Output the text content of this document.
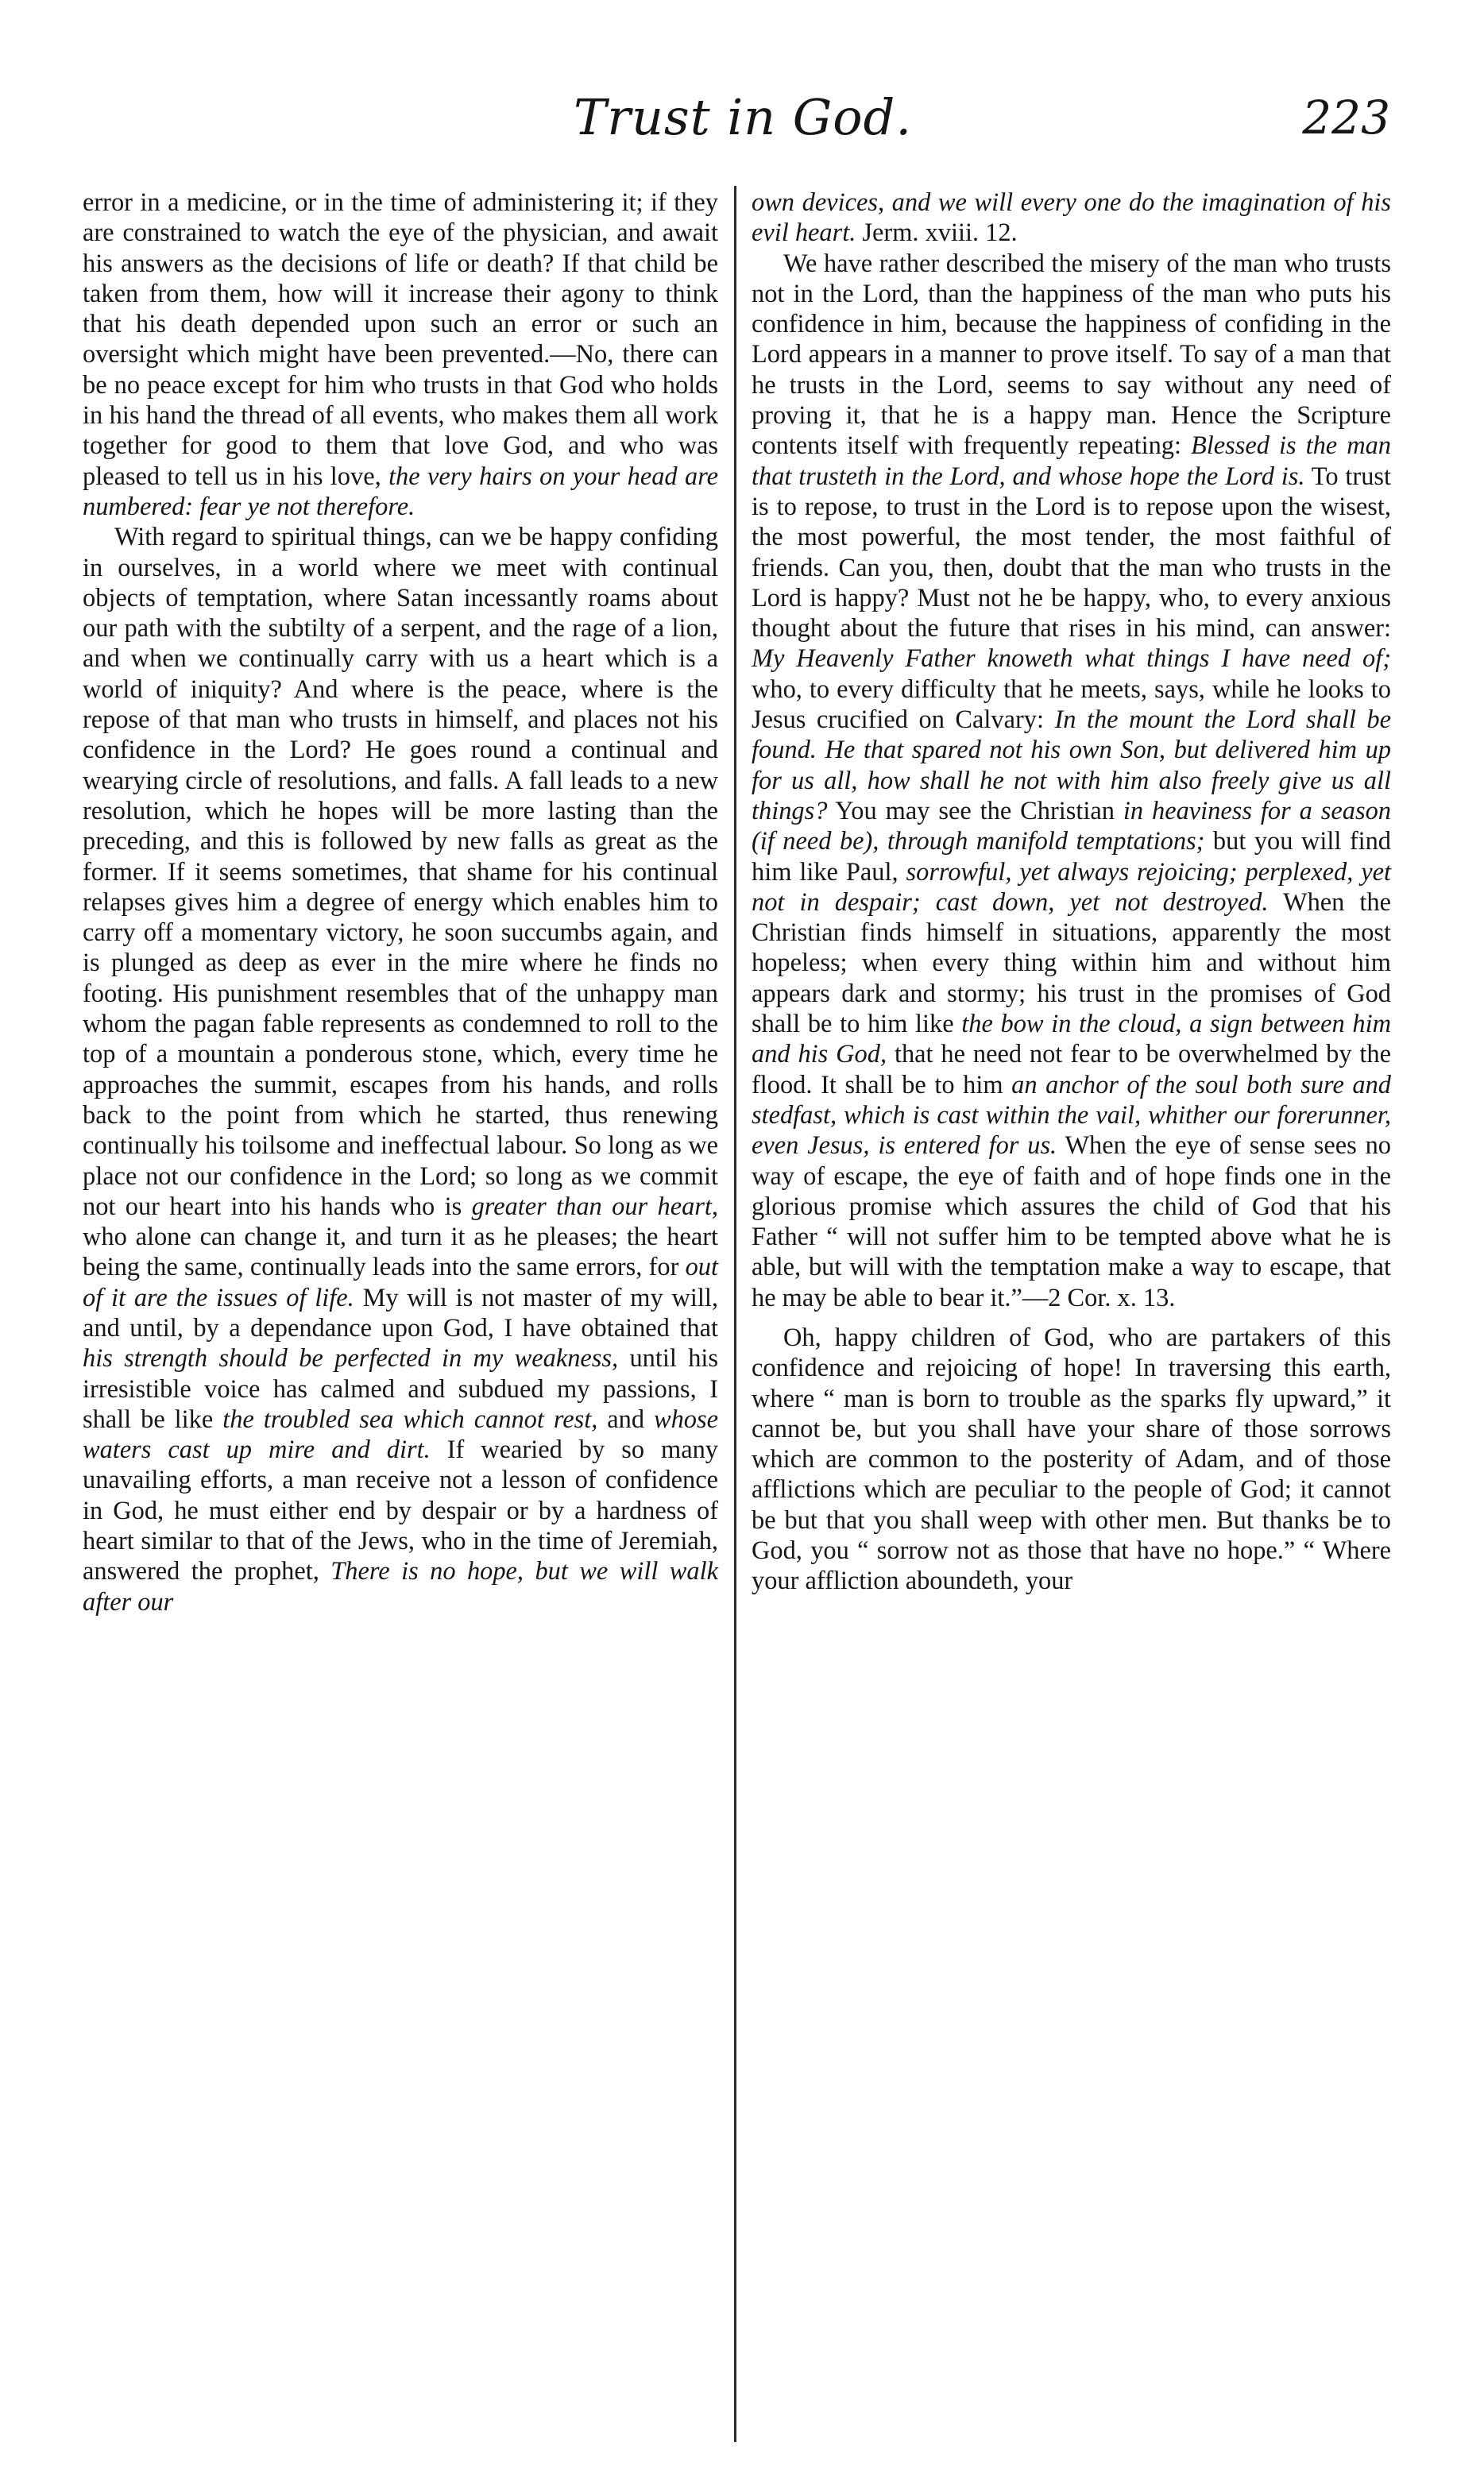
Trust in God.	223

error in a medicine, or in the time of administering it; if they are constrained to watch the eye of the physician, and await his answers as the decisions of life or death? If that child be taken from them, how will it increase their agony to think that his death depended upon such an error or such an oversight which might have been prevented.—No, there can be no peace except for him who trusts in that God who holds in his hand the thread of all events, who makes them all work together for good to them that love God, and who was pleased to tell us in his love, the very hairs on your head are numbered: fear ye not therefore.

With regard to spiritual things, can we be happy confiding in ourselves, in a world where we meet with continual objects of temptation, where Satan incessantly roams about our path with the subtilty of a serpent, and the rage of a lion, and when we continually carry with us a heart which is a world of iniquity? And where is the peace, where is the repose of that man who trusts in himself, and places not his confidence in the Lord? He goes round a continual and wearying circle of resolutions, and falls. A fall leads to a new resolution, which he hopes will be more lasting than the preceding, and this is followed by new falls as great as the former. If it seems sometimes, that shame for his continual relapses gives him a degree of energy which enables him to carry off a momentary victory, he soon succumbs again, and is plunged as deep as ever in the mire where he finds no footing. His punishment resembles that of the unhappy man whom the pagan fable represents as condemned to roll to the top of a mountain a ponderous stone, which, every time he approaches the summit, escapes from his hands, and rolls back to the point from which he started, thus renewing continually his toilsome and ineffectual labour. So long as we place not our confidence in the Lord; so long as we commit not our heart into his hands who is greater than our heart, who alone can change it, and turn it as he pleases; the heart being the same, continually leads into the same errors, for out of it are the issues of life. My will is not master of my will, and until, by a dependance upon God, I have obtained that his strength should be perfected in my weakness, until his irresistible voice has calmed and subdued my passions, I shall be like the troubled sea which cannot rest, and whose waters cast up mire and dirt. If wearied by so many unavailing efforts, a man receive not a lesson of confidence in God, he must either end by despair or by a hardness of heart similar to that of the Jews, who in the time of Jeremiah, answered the prophet, There is no hope, but we will walk after our

own devices, and we will every one do the imagination of his evil heart. Jerm. xviii. 12.

We have rather described the misery of the man who trusts not in the Lord, than the happiness of the man who puts his confidence in him, because the happiness of confiding in the Lord appears in a manner to prove itself. To say of a man that he trusts in the Lord, seems to say without any need of proving it, that he is a happy man. Hence the Scripture contents itself with frequently repeating: Blessed is the man that trusteth in the Lord, and whose hope the Lord is. To trust is to repose, to trust in the Lord is to repose upon the wisest, the most powerful, the most tender, the most faithful of friends. Can you, then, doubt that the man who trusts in the Lord is happy? Must not he be happy, who, to every anxious thought about the future that rises in his mind, can answer: My Heavenly Father knoweth what things I have need of; who, to every difficulty that he meets, says, while he looks to Jesus crucified on Calvary: In the mount the Lord shall be found. He that spared not his own Son, but delivered him up for us all, how shall he not with him also freely give us all things? You may see the Christian in heaviness for a season (if need be), through manifold temptations; but you will find him like Paul, sorrowful, yet always rejoicing; perplexed, yet not in despair; cast down, yet not destroyed. When the Christian finds himself in situations, apparently the most hopeless; when every thing within him and without him appears dark and stormy; his trust in the promises of God shall be to him like the bow in the cloud, a sign between him and his God, that he need not fear to be overwhelmed by the flood. It shall be to him an anchor of the soul both sure and stedfast, which is cast within the vail, whither our forerunner, even Jesus, is entered for us. When the eye of sense sees no way of escape, the eye of faith and of hope finds one in the glorious promise which assures the child of God that his Father “ will not suffer him to be tempted above what he is able, but will with the temptation make a way to escape, that he may be able to bear it.”—2 Cor. x. 13.

Oh, happy children of God, who are partakers of this confidence and rejoicing of hope! In traversing this earth, where “ man is born to trouble as the sparks fly upward,” it cannot be, but you shall have your share of those sorrows which are common to the posterity of Adam, and of those afflictions which are peculiar to the people of God; it cannot be but that you shall weep with other men. But thanks be to God, you “ sorrow not as those that have no hope.” “ Where your affliction aboundeth, your
